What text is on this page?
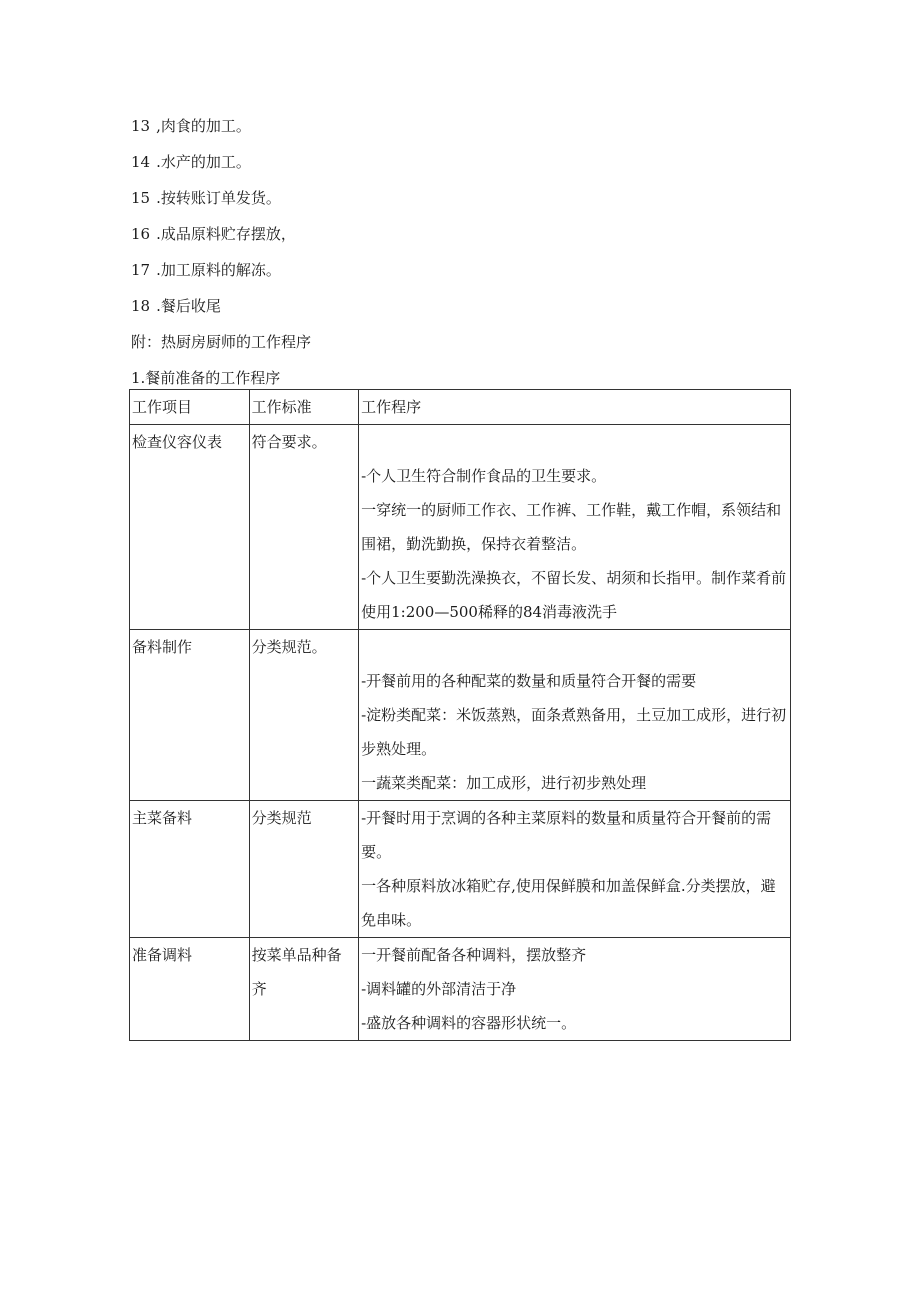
13 ,肉食的加工。
14 .水产的加工。
15 .按转账订单发货。
16 .成品原料贮存摆放，
17 .加工原料的解冻。
18 .餐后收尾
附：热厨房厨师的工作程序
1.餐前准备的工作程序
工作项目	工作标准	工作程序

检查仪容仪表	符合要求。	-个人卫生符合制作食品的卫生要求。
一穿统一的厨师工作衣、工作裤、工作鞋，戴工作帽，系领结和围裙，勤洗勤换，保持衣着整洁。
-个人卫生要勤洗澡换衣，不留长发、胡须和长指甲。制作菜肴前使用1:200—500稀释的84消毒液洗手

备料制作	分类规范。	-开餐前用的各种配菜的数量和质量符合开餐的需要
-淀粉类配菜：米饭蒸熟，面条煮熟备用，土豆加工成形，进行初步熟处理。
一蔬菜类配菜：加工成形，进行初步熟处理

主菜备料	分类规范	-开餐时用于烹调的各种主菜原料的数量和质量符合开餐前的需要。
一各种原料放冰箱贮存,使用保鲜膜和加盖保鲜盒.分类摆放，避免串味。

准备调料	按菜单品种备
齐	一开餐前配备各种调料，摆放整齐
-调料罐的外部清洁于净
-盛放各种调料的容器形状统一。
